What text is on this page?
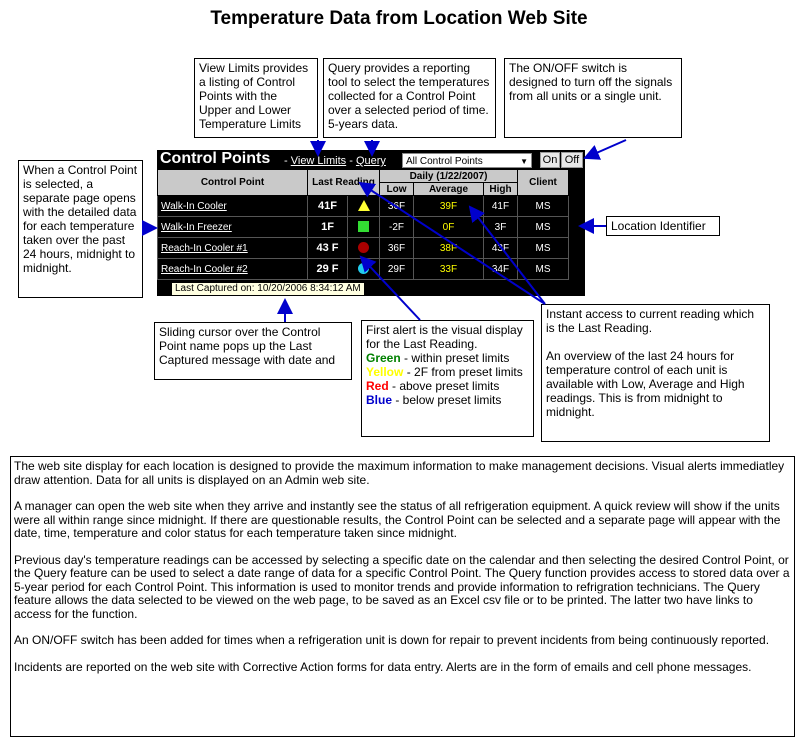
Temperature Data from Location Web Site
View Limits provides a listing of Control Points with the Upper and Lower Temperature Limits
Query provides a reporting tool to select the temperatures collected for a Control Point over a selected period of time. 5-years data.
The ON/OFF switch is designed to turn off the signals from all units or a single unit.
When a Control Point is selected, a separate page opens with the detailed data for each temperature taken over the past 24 hours, midnight to midnight.
Location Identifier
Sliding cursor over the Control Point name pops up the Last Captured message with date and
First alert is the visual display for the Last Reading.
Green - within preset limits
Yellow - 2F from preset limits
Red - above preset limits
Blue - below preset limits
Instant access to current reading which is the Last Reading.
An overview of the last 24 hours for temperature control of each unit is available with Low, Average and High readings. This is from midnight to midnight.
Control Points - View Limits - Query	All Control Points	▼ On Off
Control Point	Last Reading		Daily (1/22/2007)			Client
			Low	Average	High	
Walk-In Cooler	41F		36F	39F	41F	MS
Walk-In Freezer	1F		-2F	0F	3F	MS
Reach-In Cooler #1	43 F		36F	38F	43F	MS
Reach-In Cooler #2	29 F		29F	33F	34F	MS
Last Captured on: 10/20/2006 8:34:12 AM

The web site display for each location is designed to provide the maximum information to make management decisions. Visual alerts immediatley draw attention. Data for all units is displayed on an Admin web site.

A manager can open the web site when they arrive and instantly see the status of all refrigeration equipment. A quick review will show if the units were all within range since midnight. If there are questionable results, the Control Point can be selected and a separate page will appear with the date, time, temperature and color status for each temperature taken since midnight.

Previous day's temperature readings can be accessed by selecting a specific date on the calendar and then selecting the desired Control Point, or the Query feature can be used to select a date range of data for a specific Control Point. The Query function provides access to stored data over a 5-year period for each Control Point. This information is used to monitor trends and provide information to refrigration technicians. The Query feature allows the data selected to be viewed on the web page, to be saved as an Excel csv file or to be printed. The latter two have links to access for the function.

An ON/OFF switch has been added for times when a refrigeration unit is down for repair to prevent incidents from being continuously reported.

Incidents are reported on the web site with Corrective Action forms for data entry. Alerts are in the form of emails and cell phone messages.
